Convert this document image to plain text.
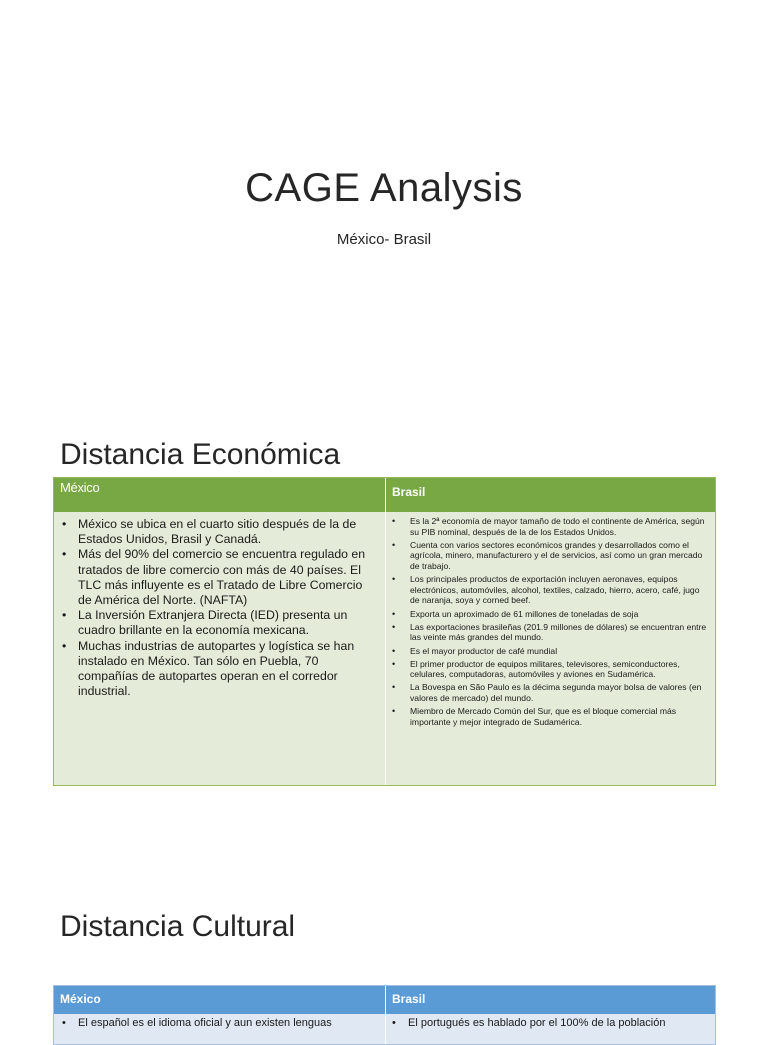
CAGE Analysis
México- Brasil
Distancia Económica
México	Brasil
• México se ubica en el cuarto sitio después de la de Estados Unidos, Brasil y Canadá.
• Más del 90% del comercio se encuentra regulado en tratados de libre comercio con más de 40 países. El TLC más influyente es el Tratado de Libre Comercio de América del Norte. (NAFTA)
• La Inversión Extranjera Directa (IED) presenta un cuadro brillante en la economía mexicana.
• Muchas industrias de autopartes y logística se han instalado en México. Tan sólo en Puebla, 70 compañías de autopartes operan en el corredor industrial.
• Es la 2ª economía de mayor tamaño de todo el continente de América, según su PIB nominal, después de la de los Estados Unidos.
• Cuenta con varios sectores económicos grandes y desarrollados como el agrícola, minero, manufacturero y el de servicios, así como un gran mercado de trabajo.
• Los principales productos de exportación incluyen aeronaves, equipos electrónicos, automóviles, alcohol, textiles, calzado, hierro, acero, café, jugo de naranja, soya y corned beef.
• Exporta un aproximado de 61 millones de toneladas de soja
• Las exportaciones brasileñas (201.9 millones de dólares) se encuentran entre las veinte más grandes del mundo.
• Es el mayor productor de café mundial
• El primer productor de equipos militares, televisores, semiconductores, celulares, computadoras, automóviles y aviones en Sudamérica.
• La Bovespa en São Paulo es la décima segunda mayor bolsa de valores (en valores de mercado) del mundo.
• Miembro de Mercado Común del Sur, que es el bloque comercial más importante y mejor integrado de Sudamérica.
Distancia Cultural
México	Brasil
• El español es el idioma oficial y aun existen lenguas
•	El portugués es hablado por el 100% de la población
